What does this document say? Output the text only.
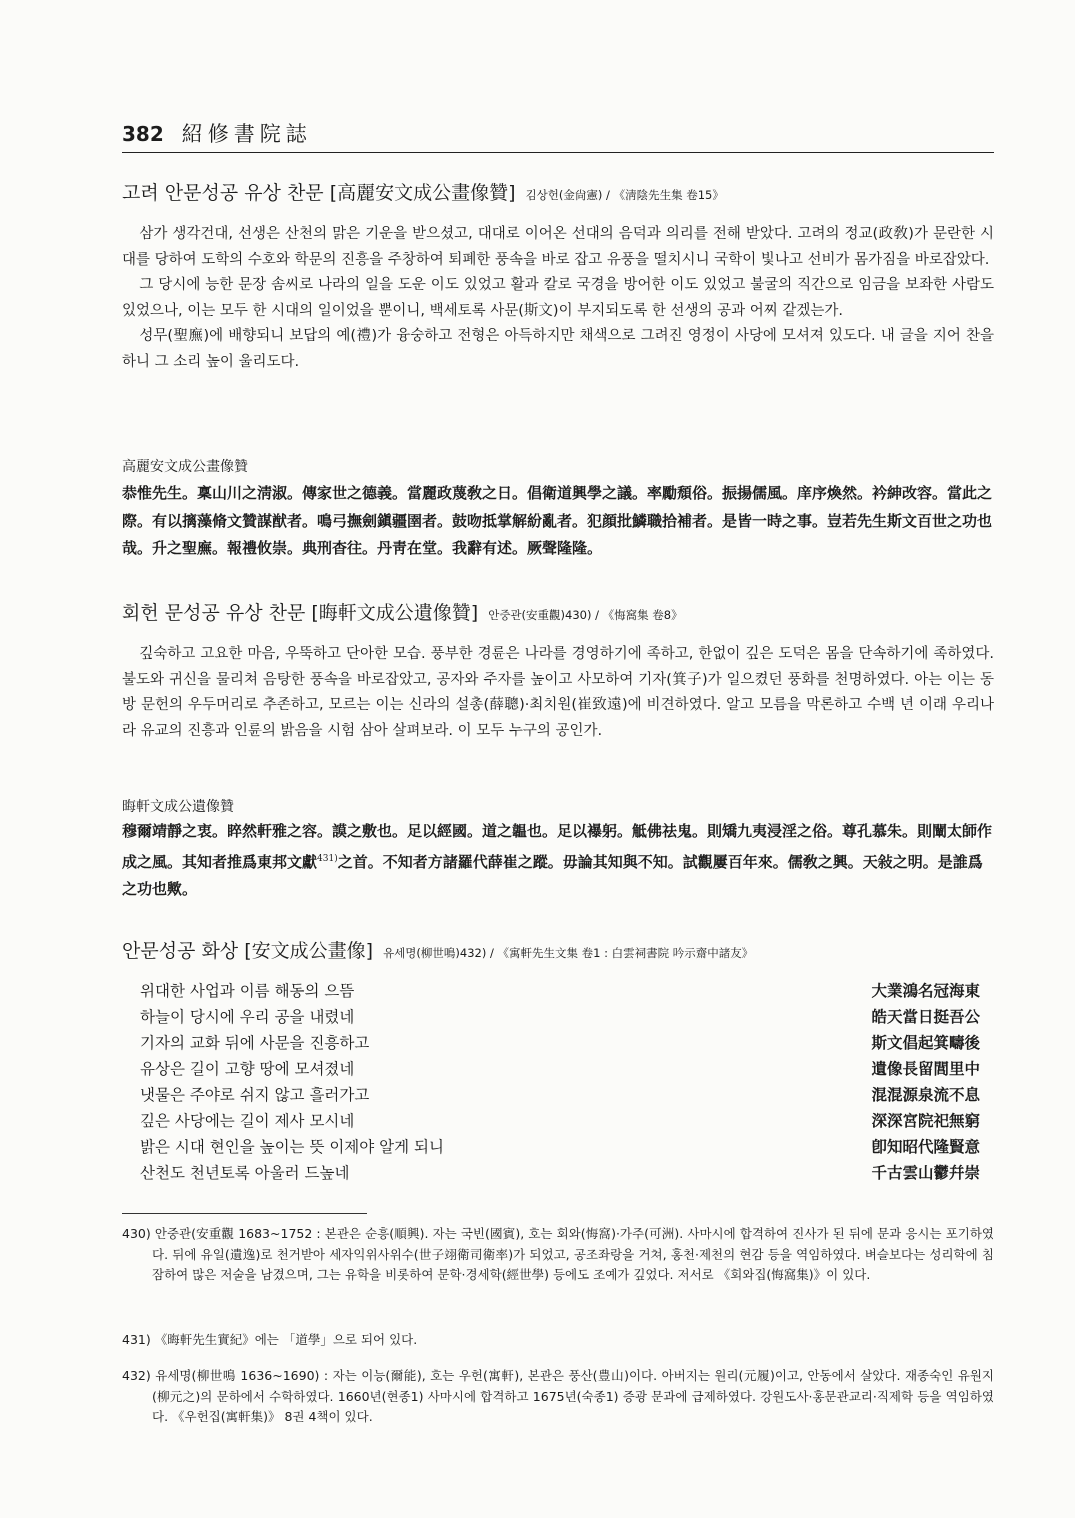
382 紹修書院誌
고려 안문성공 유상 찬문 [高麗安文成公畫像贊] 김상헌(金尙憲) / 《淸陰先生集 卷15》

삼가 생각건대, 선생은 산천의 맑은 기운을 받으셨고, 대대로 이어온 선대의 음덕과 의리를 전해 받았다. 고려의 정교(政敎)가 문란한 시대를 당하여 도학의 수호와 학문의 진흥을 주창하여 퇴폐한 풍속을 바로 잡고 유풍을 떨치시니 국학이 빛나고 선비가 몸가짐을 바로잡았다.

그 당시에 능한 문장 솜씨로 나라의 일을 도운 이도 있었고 활과 칼로 국경을 방어한 이도 있었고 불굴의 직간으로 임금을 보좌한 사람도 있었으나, 이는 모두 한 시대의 일이었을 뿐이니, 백세토록 사문(斯文)이 부지되도록 한 선생의 공과 어찌 같겠는가.

성무(聖廡)에 배향되니 보답의 예(禮)가 융숭하고 전형은 아득하지만 채색으로 그려진 영정이 사당에 모셔져 있도다. 내 글을 지어 찬을 하니 그 소리 높이 울리도다.

高麗安文成公畫像贊

恭惟先生。稟山川之淸淑。傳家世之德義。當麗政蔑敎之日。倡衛道興學之議。率勵頹俗。振揚儒風。庠序煥然。衿紳改容。當此之際。有以摛藻脩文贊謀猷者。鳴弓撫劍鎭疆圉者。鼓吻抵掌解紛亂者。犯顔批鱗職拾補者。是皆一時之事。豈若先生斯文百世之功也哉。升之聖廡。報禮攸崇。典刑杳往。丹靑在堂。我辭有述。厥聲隆隆。

회헌 문성공 유상 찬문 [晦軒文成公遺像贊] 안중관(安重觀)430) / 《悔窩集 卷8》

깊숙하고 고요한 마음, 우뚝하고 단아한 모습. 풍부한 경륜은 나라를 경영하기에 족하고, 한없이 깊은 도덕은 몸을 단속하기에 족하였다. 불도와 귀신을 물리쳐 음탕한 풍속을 바로잡았고, 공자와 주자를 높이고 사모하여 기자(箕子)가 일으켰던 풍화를 천명하였다. 아는 이는 동방 문헌의 우두머리로 추존하고, 모르는 이는 신라의 설총(薛聰)·최치원(崔致遠)에 비견하였다. 알고 모름을 막론하고 수백 년 이래 우리나라 유교의 진흥과 인륜의 밝음을 시험 삼아 살펴보라. 이 모두 누구의 공인가.

晦軒文成公遺像贊

穆爾靖靜之衷。睟然軒雅之容。謨之敷也。足以經國。道之韞也。足以襮躬。觝佛祛鬼。則矯九夷浸淫之俗。尊孔慕朱。則闡太師作成之風。其知者推爲東邦文獻$^{431)}$之首。不知者方諸羅代薛崔之蹤。毋論其知與不知。試觀屢百年來。儒敎之興。天敍之明。是誰爲之功也歟。

안문성공 화상 [安文成公畫像] 유세명(柳世鳴)432) / 《寓軒先生文集 卷1 : 白雲祠書院 吟示齋中諸友》
위대한 사업과 이름 해동의 으뜸
하늘이 당시에 우리 공을 내렸네
기자의 교화 뒤에 사문을 진흥하고
유상은 길이 고향 땅에 모셔졌네
냇물은 주야로 쉬지 않고 흘러가고
깊은 사당에는 길이 제사 모시네
밝은 시대 현인을 높이는 뜻 이제야 알게 되니
산천도 천년토록 아울러 드높네
大業鴻名冠海東
皓天當日挺吾公
斯文倡起箕疇後
遺像長留閭里中
混混源泉流不息
深深宮院祀無窮
卽知昭代隆賢意
千古雲山鬱幷崇

430) 안중관(安重觀 1683~1752 : 본관은 순흥(順興). 자는 국빈(國賓), 호는 회와(悔窩)·가주(可洲). 사마시에 합격하여 진사가 된 뒤에 문과 응시는 포기하였다. 뒤에 유일(遺逸)로 천거받아 세자익위사위수(世子翊衛司衛率)가 되었고, 공조좌랑을 거쳐, 홍천·제천의 현감 등을 역임하였다. 벼슬보다는 성리학에 침잠하여 많은 저술을 남겼으며, 그는 유학을 비롯하여 문학·경세학(經世學) 등에도 조예가 깊었다. 저서로 《회와집(悔窩集)》이 있다.

431) 《晦軒先生實紀》에는 「道學」으로 되어 있다.

432) 유세명(柳世鳴 1636~1690) : 자는 이능(爾能), 호는 우헌(寓軒), 본관은 풍산(豊山)이다. 아버지는 원리(元履)이고, 안동에서 살았다. 재종숙인 유원지(柳元之)의 문하에서 수학하였다. 1660년(현종1) 사마시에 합격하고 1675년(숙종1) 증광 문과에 급제하였다. 강원도사·홍문관교리·직제학 등을 역임하였다. 《우헌집(寓軒集)》 8권 4책이 있다.
